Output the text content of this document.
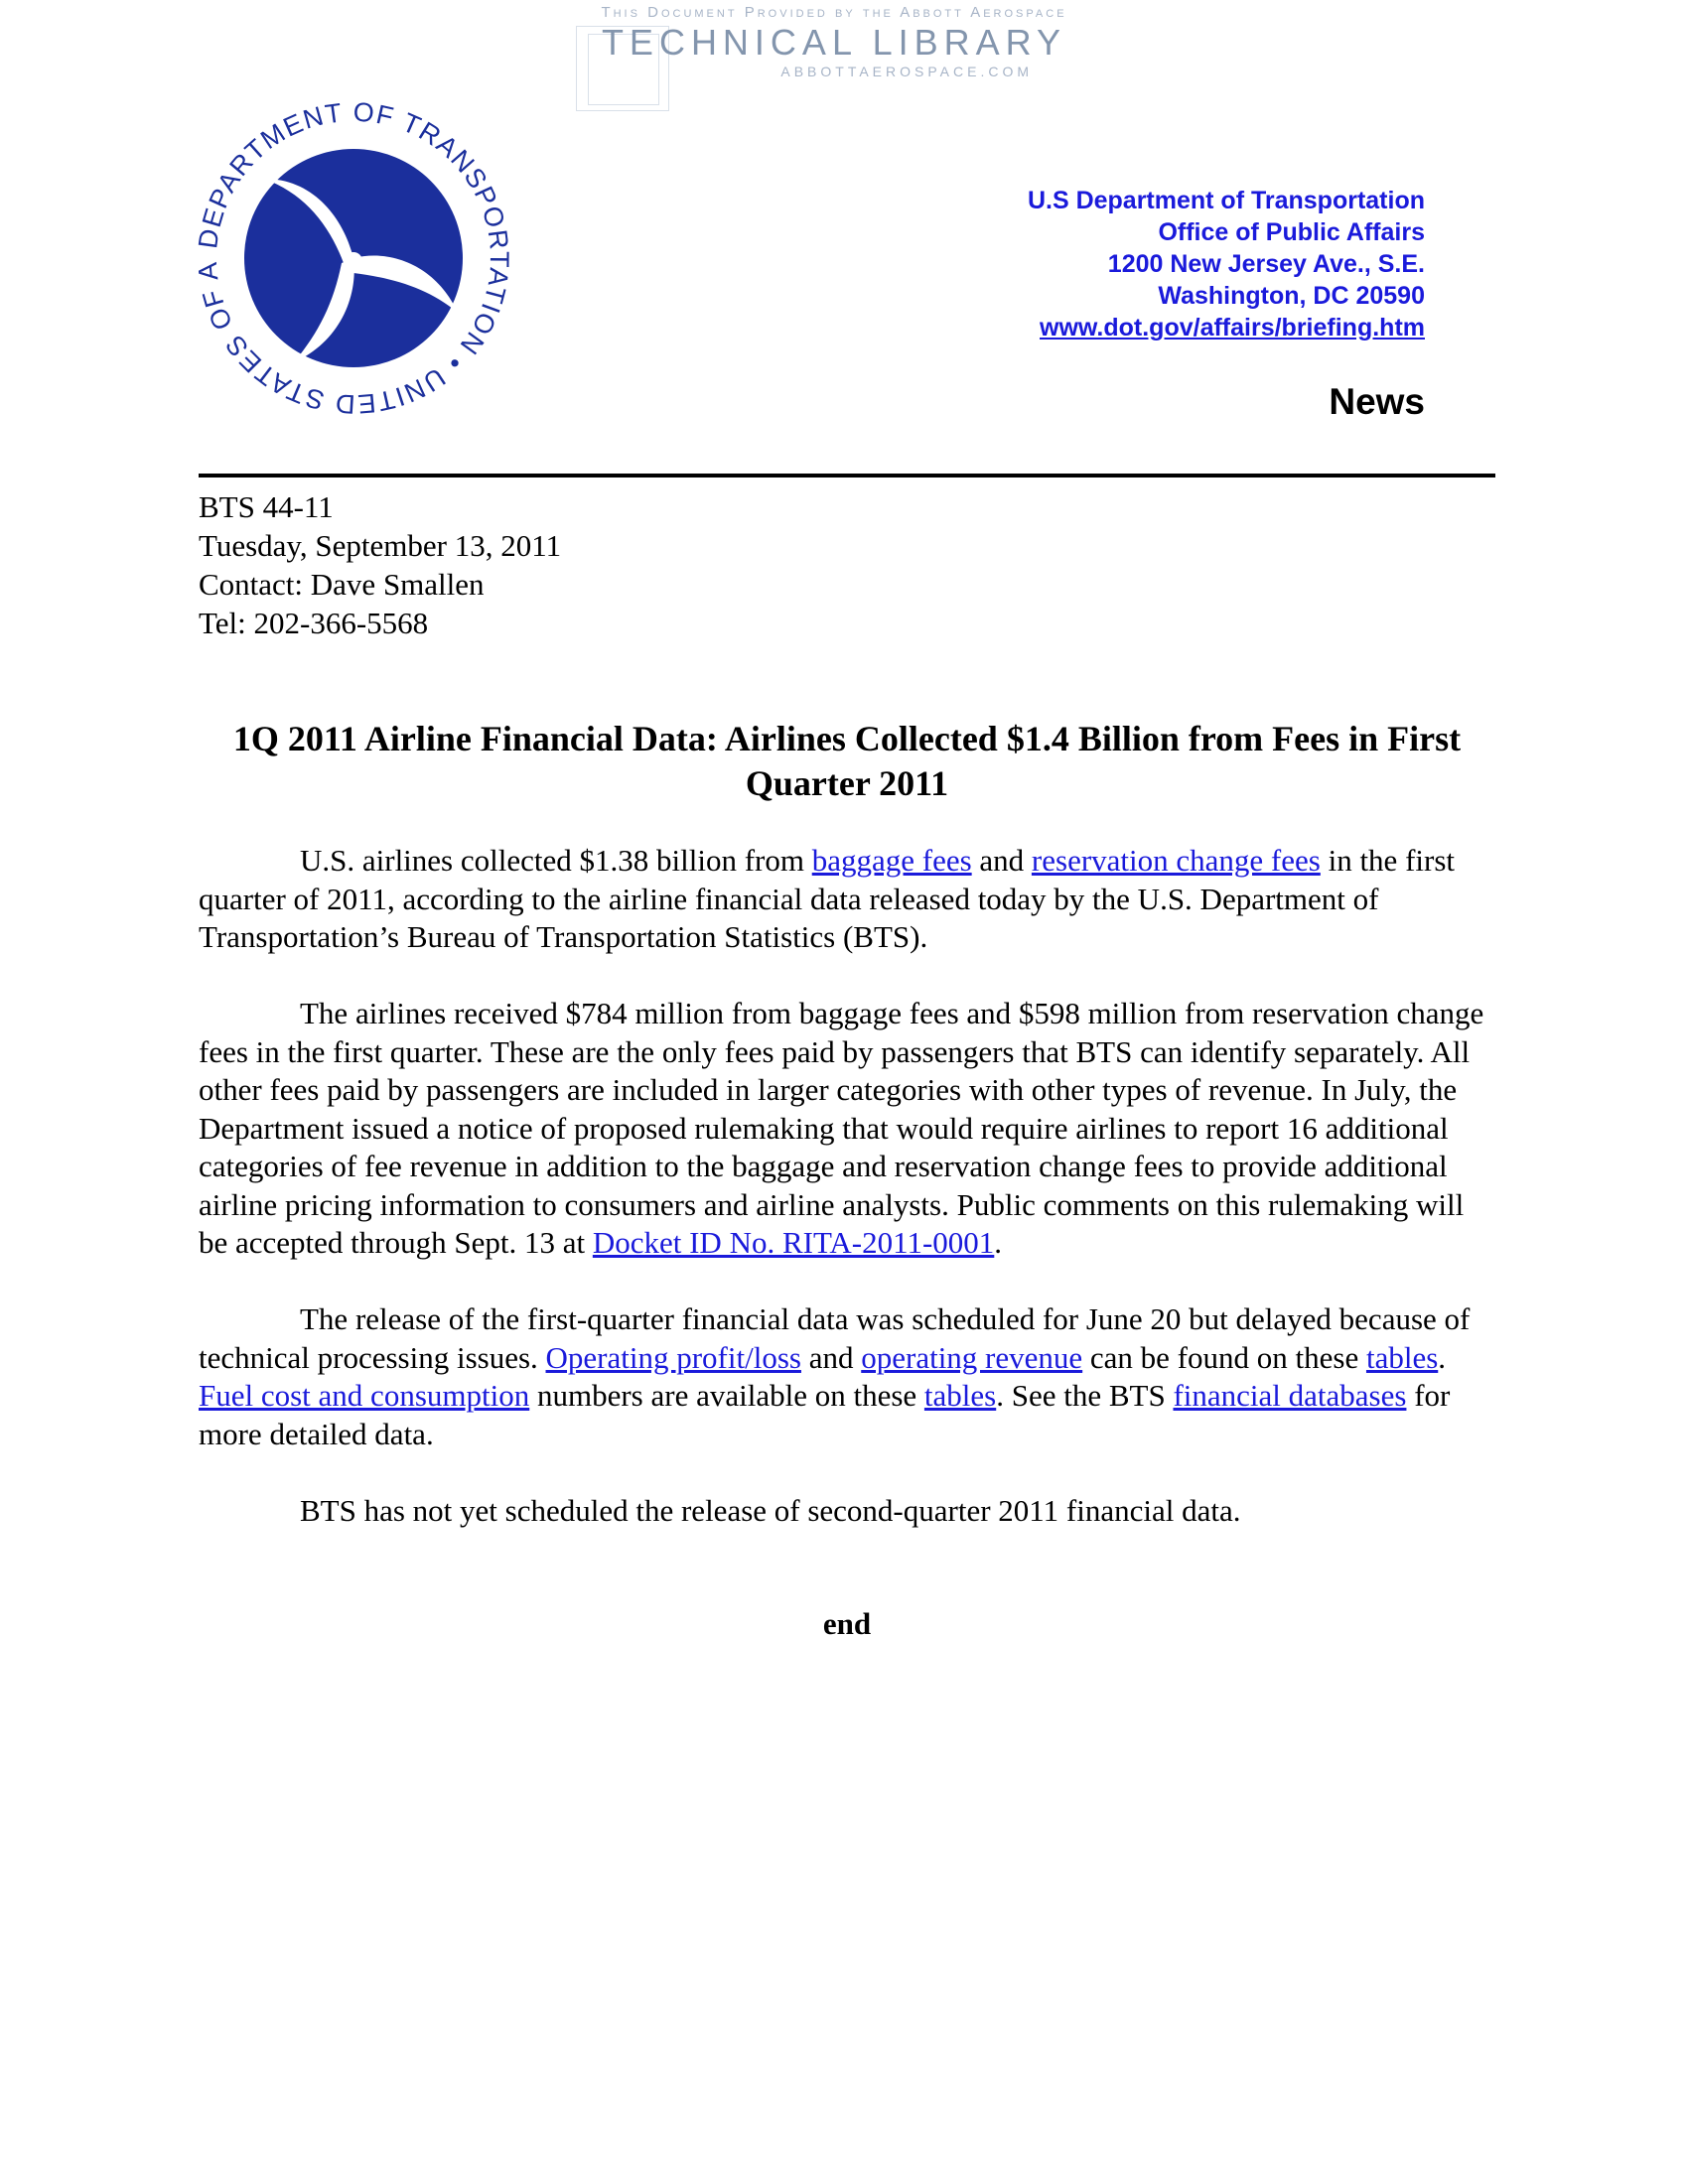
This Document Provided by the Abbott Aerospace
TECHNICAL LIBRARY
ABBOTTAEROSPACE.COM
DEPARTMENT OF TRANSPORTATION • UNITED STATES OF A
U.S Department of Transportation
Office of Public Affairs
1200 New Jersey Ave., S.E.
Washington, DC 20590
www.dot.gov/affairs/briefing.htm
News
BTS 44-11
Tuesday, September 13, 2011
Contact: Dave Smallen
Tel: 202-366-5568
1Q 2011 Airline Financial Data: Airlines Collected $1.4 Billion from Fees in First Quarter 2011

U.S. airlines collected $1.38 billion from baggage fees and reservation change fees in the first quarter of 2011, according to the airline financial data released today by the U.S. Department of Transportation’s Bureau of Transportation Statistics (BTS).

The airlines received $784 million from baggage fees and $598 million from reservation change fees in the first quarter. These are the only fees paid by passengers that BTS can identify separately. All other fees paid by passengers are included in larger categories with other types of revenue. In July, the Department issued a notice of proposed rulemaking that would require airlines to report 16 additional categories of fee revenue in addition to the baggage and reservation change fees to provide additional airline pricing information to consumers and airline analysts. Public comments on this rulemaking will be accepted through Sept. 13 at Docket ID No. RITA-2011-0001.

The release of the first-quarter financial data was scheduled for June 20 but delayed because of technical processing issues. Operating profit/loss and operating revenue can be found on these tables. Fuel cost and consumption numbers are available on these tables. See the BTS financial databases for more detailed data.

BTS has not yet scheduled the release of second-quarter 2011 financial data.

end
